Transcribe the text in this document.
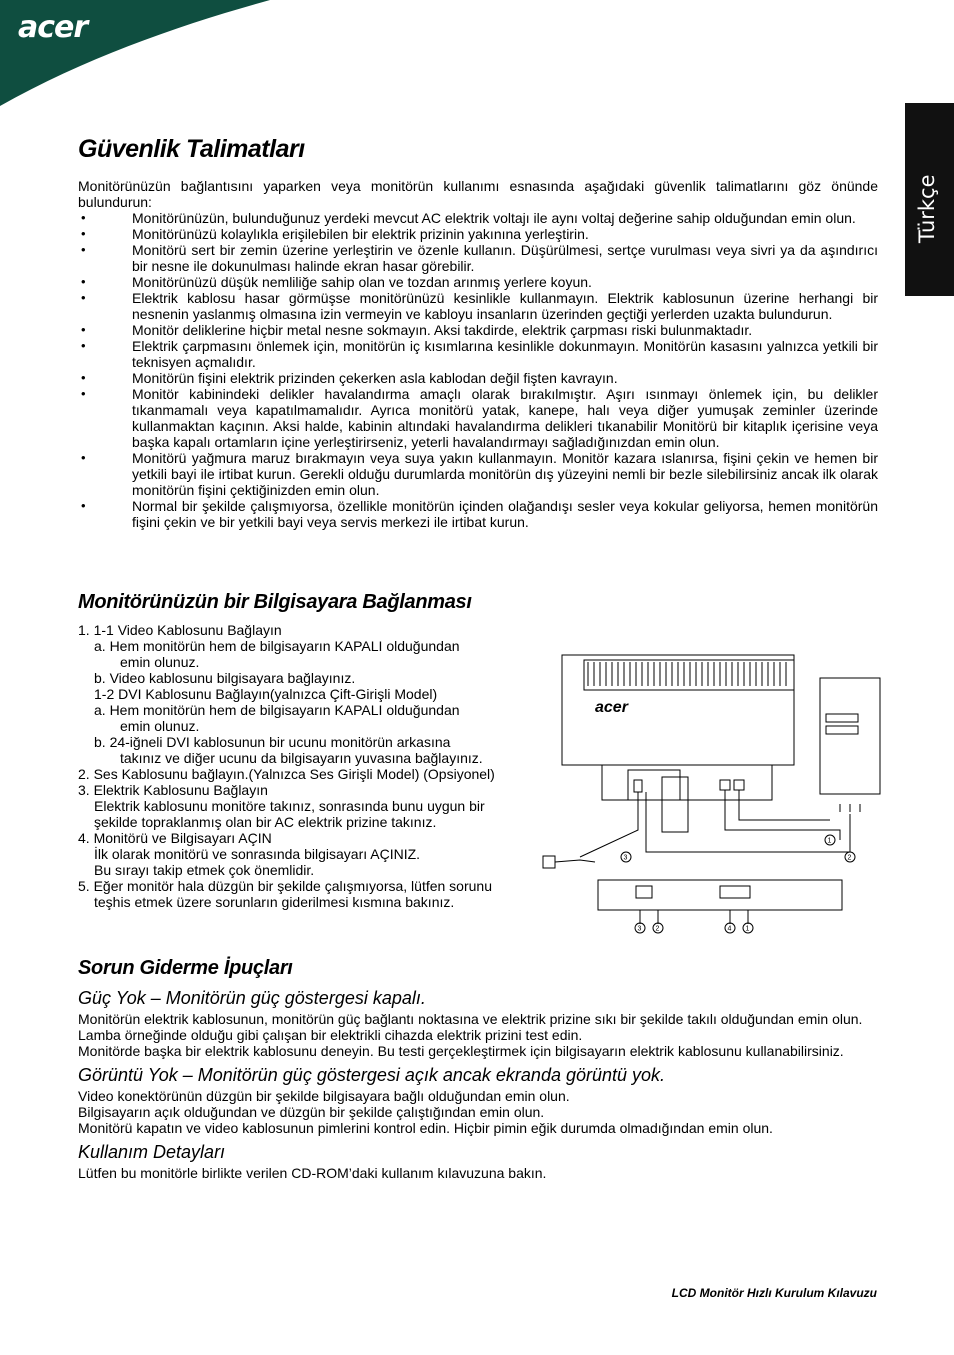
acer
Türkçe
Güvenlik Talimatları

Monitörünüzün bağlantısını yaparken veya monitörün kullanımı esnasında aşağıdaki güvenlik talimatlarını göz önünde bulundurun:

• Monitörünüzün, bulunduğunuz yerdeki mevcut AC elektrik voltajı ile aynı voltaj değerine sahip olduğundan emin olun.
• Monitörünüzü kolaylıkla erişilebilen bir elektrik prizinin yakınına yerleştirin.
• Monitörü sert bir zemin üzerine yerleştirin ve özenle kullanın. Düşürülmesi, sertçe vurulması veya sivri ya da aşındırıcı bir nesne ile dokunulması halinde ekran hasar görebilir.
• Monitörünüzü düşük nemliliğe sahip olan ve tozdan arınmış yerlere koyun.
• Elektrik kablosu hasar görmüşse monitörünüzü kesinlikle kullanmayın. Elektrik kablosunun üzerine herhangi bir nesnenin yaslanmış olmasına izin vermeyin ve kabloyu insanların üzerinden geçtiği yerlerden uzakta bulundurun.
• Monitör deliklerine hiçbir metal nesne sokmayın. Aksi takdirde, elektrik çarpması riski bulunmaktadır.
• Elektrik çarpmasını önlemek için, monitörün iç kısımlarına kesinlikle dokunmayın. Monitörün kasasını yalnızca yetkili bir teknisyen açmalıdır.
• Monitörün fişini elektrik prizinden çekerken asla kablodan değil fişten kavrayın.
• Monitör kabinindeki delikler havalandırma amaçlı olarak bırakılmıştır. Aşırı ısınmayı önlemek için, bu delikler tıkanmamalı veya kapatılmamalıdır. Ayrıca monitörü yatak, kanepe, halı veya diğer yumuşak zeminler üzerinde kullanmaktan kaçının. Aksi halde, kabinin altındaki havalandırma delikleri tıkanabilir Monitörü bir kitaplık içerisine veya başka kapalı ortamların içine yerleştirirseniz, yeterli havalandırmayı sağladığınızdan emin olun.
• Monitörü yağmura maruz bırakmayın veya suya yakın kullanmayın. Monitör kazara ıslanırsa, fişini çekin ve hemen bir yetkili bayi ile irtibat kurun. Gerekli olduğu durumlarda monitörün dış yüzeyini nemli bir bezle silebilirsiniz ancak ilk olarak monitörün fişini çektiğinizden emin olun.
• Normal bir şekilde çalışmıyorsa, özellikle monitörün içinden olağandışı sesler veya kokular geliyorsa, hemen monitörün fişini çekin ve bir yetkili bayi veya servis merkezi ile irtibat kurun.
Monitörünüzün bir Bilgisayara Bağlanması
1. 1-1 Video Kablosunu Bağlayın
a. Hem monitörün hem de bilgisayarın KAPALI olduğundan
emin olunuz.
b. Video kablosunu bilgisayara bağlayınız.
1-2 DVI Kablosunu Bağlayın(yalnızca Çift-Girişli Model)
a. Hem monitörün hem de bilgisayarın KAPALI olduğundan
emin olunuz.
b. 24-iğneli DVI kablosunun bir ucunu monitörün arkasına
takınız ve diğer ucunu da bilgisayarın yuvasına bağlayınız.
2. Ses Kablosunu bağlayın.(Yalnızca Ses Girişli Model) (Opsiyonel)
3. Elektrik Kablosunu Bağlayın
Elektrik kablosunu monitöre takınız, sonrasında bunu uygun bir
şekilde topraklanmış olan bir AC elektrik prizine takınız.
4. Monitörü ve Bilgisayarı AÇIN
İlk olarak monitörü ve sonrasında bilgisayarı AÇINIZ.
Bu sırayı takip etmek çok önemlidir.
5. Eğer monitör hala düzgün bir şekilde çalışmıyorsa, lütfen sorunu
teşhis etmek üzere sorunların giderilmesi kısmına bakınız.
acer
1
2
3
3 2	4 1
Sorun Giderme İpuçları
Güç Yok – Monitörün güç göstergesi kapalı.

Monitörün elektrik kablosunun, monitörün güç bağlantı noktasına ve elektrik prizine sıkı bir şekilde takılı olduğundan emin olun.

Lamba örneğinde olduğu gibi çalışan bir elektrikli cihazda elektrik prizini test edin.

Monitörde başka bir elektrik kablosunu deneyin. Bu testi gerçekleştirmek için bilgisayarın elektrik kablosunu kullanabilirsiniz.

Görüntü Yok – Monitörün güç göstergesi açık ancak ekranda görüntü yok.

Video konektörünün düzgün bir şekilde bilgisayara bağlı olduğundan emin olun.

Bilgisayarın açık olduğundan ve düzgün bir şekilde çalıştığından emin olun.

Monitörü kapatın ve video kablosunun pimlerini kontrol edin. Hiçbir pimin eğik durumda olmadığından emin olun.

Kullanım Detayları

Lütfen bu monitörle birlikte verilen CD-ROM’daki kullanım kılavuzuna bakın.

LCD Monitör Hızlı Kurulum Kılavuzu
